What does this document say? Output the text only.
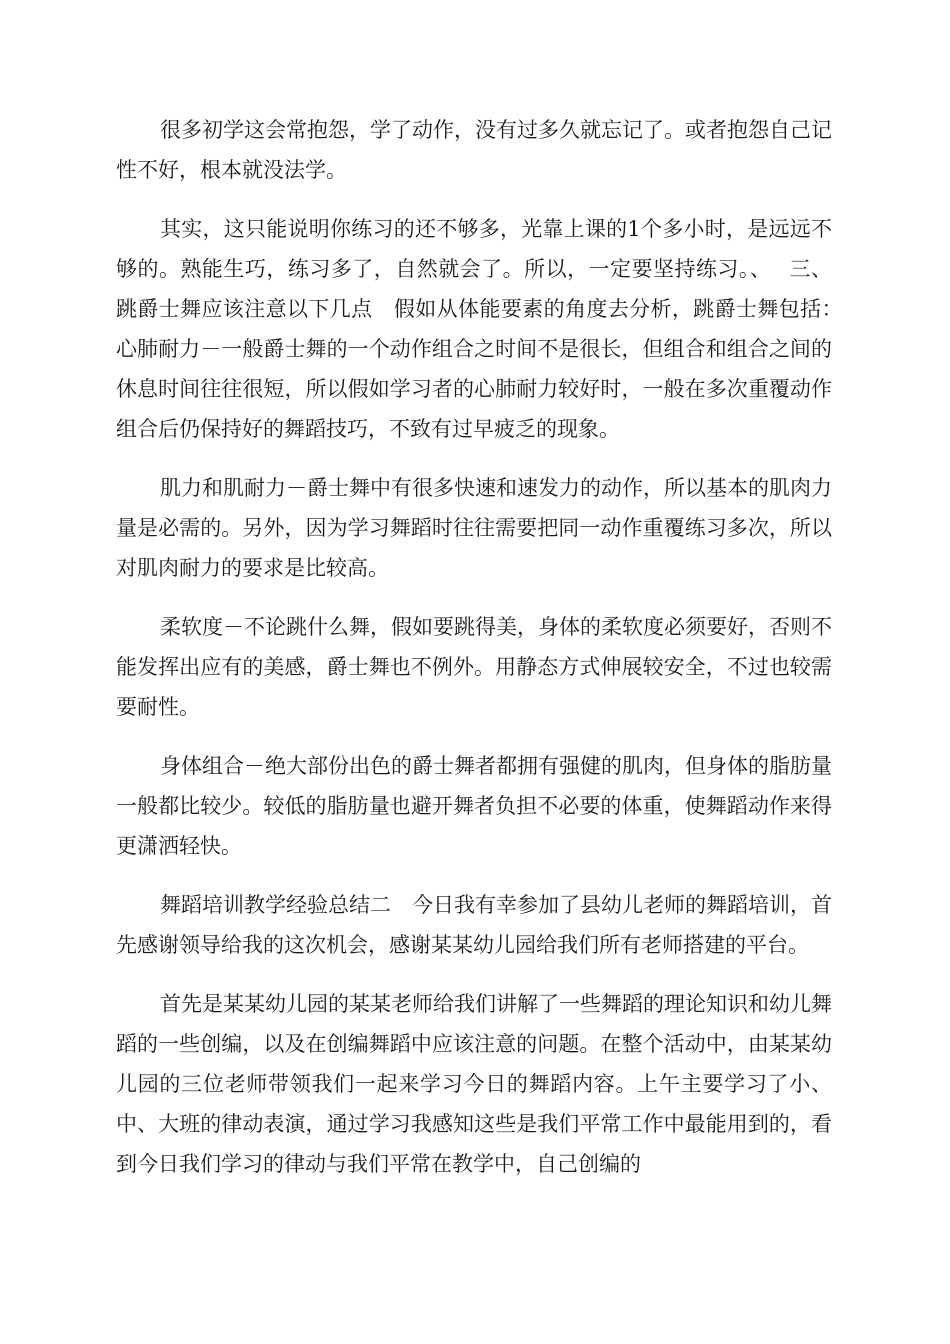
很多初学这会常抱怨，学了动作，没有过多久就忘记了。或者抱怨自己记性不好，根本就没法学。

其实，这只能说明你练习的还不够多，光靠上课的1个多小时，是远远不够的。熟能生巧，练习多了，自然就会了。所以，一定要坚持练习。、　 三、跳爵士舞应该注意以下几点　假如从体能要素的角度去分析，跳爵士舞包括：　 心肺耐力－一般爵士舞的一个动作组合之时间不是很长，但组合和组合之间的休息时间往往很短，所以假如学习者的心肺耐力较好时，一般在多次重覆动作组合后仍保持好的舞蹈技巧，不致有过早疲乏的现象。

肌力和肌耐力－爵士舞中有很多快速和速发力的动作，所以基本的肌肉力量是必需的。另外，因为学习舞蹈时往往需要把同一动作重覆练习多次，所以对肌肉耐力的要求是比较高。

柔软度－不论跳什么舞，假如要跳得美，身体的柔软度必须要好，否则不能发挥出应有的美感，爵士舞也不例外。用静态方式伸展较安全，不过也较需要耐性。

身体组合－绝大部份出色的爵士舞者都拥有强健的肌肉，但身体的脂肪量一般都比较少。较低的脂肪量也避开舞者负担不必要的体重，使舞蹈动作来得更潇洒轻快。

舞蹈培训教学经验总结二　今日我有幸参加了县幼儿老师的舞蹈培训，首先感谢领导给我的这次机会，感谢某某幼儿园给我们所有老师搭建的平台。

首先是某某幼儿园的某某老师给我们讲解了一些舞蹈的理论知识和幼儿舞蹈的一些创编，以及在创编舞蹈中应该注意的问题。在整个活动中，由某某幼儿园的三位老师带领我们一起来学习今日的舞蹈内容。上午主要学习了小、中、大班的律动表演，通过学习我感知这些是我们平常工作中最能用到的，看到今日我们学习的律动与我们平常在教学中，自己创编的
